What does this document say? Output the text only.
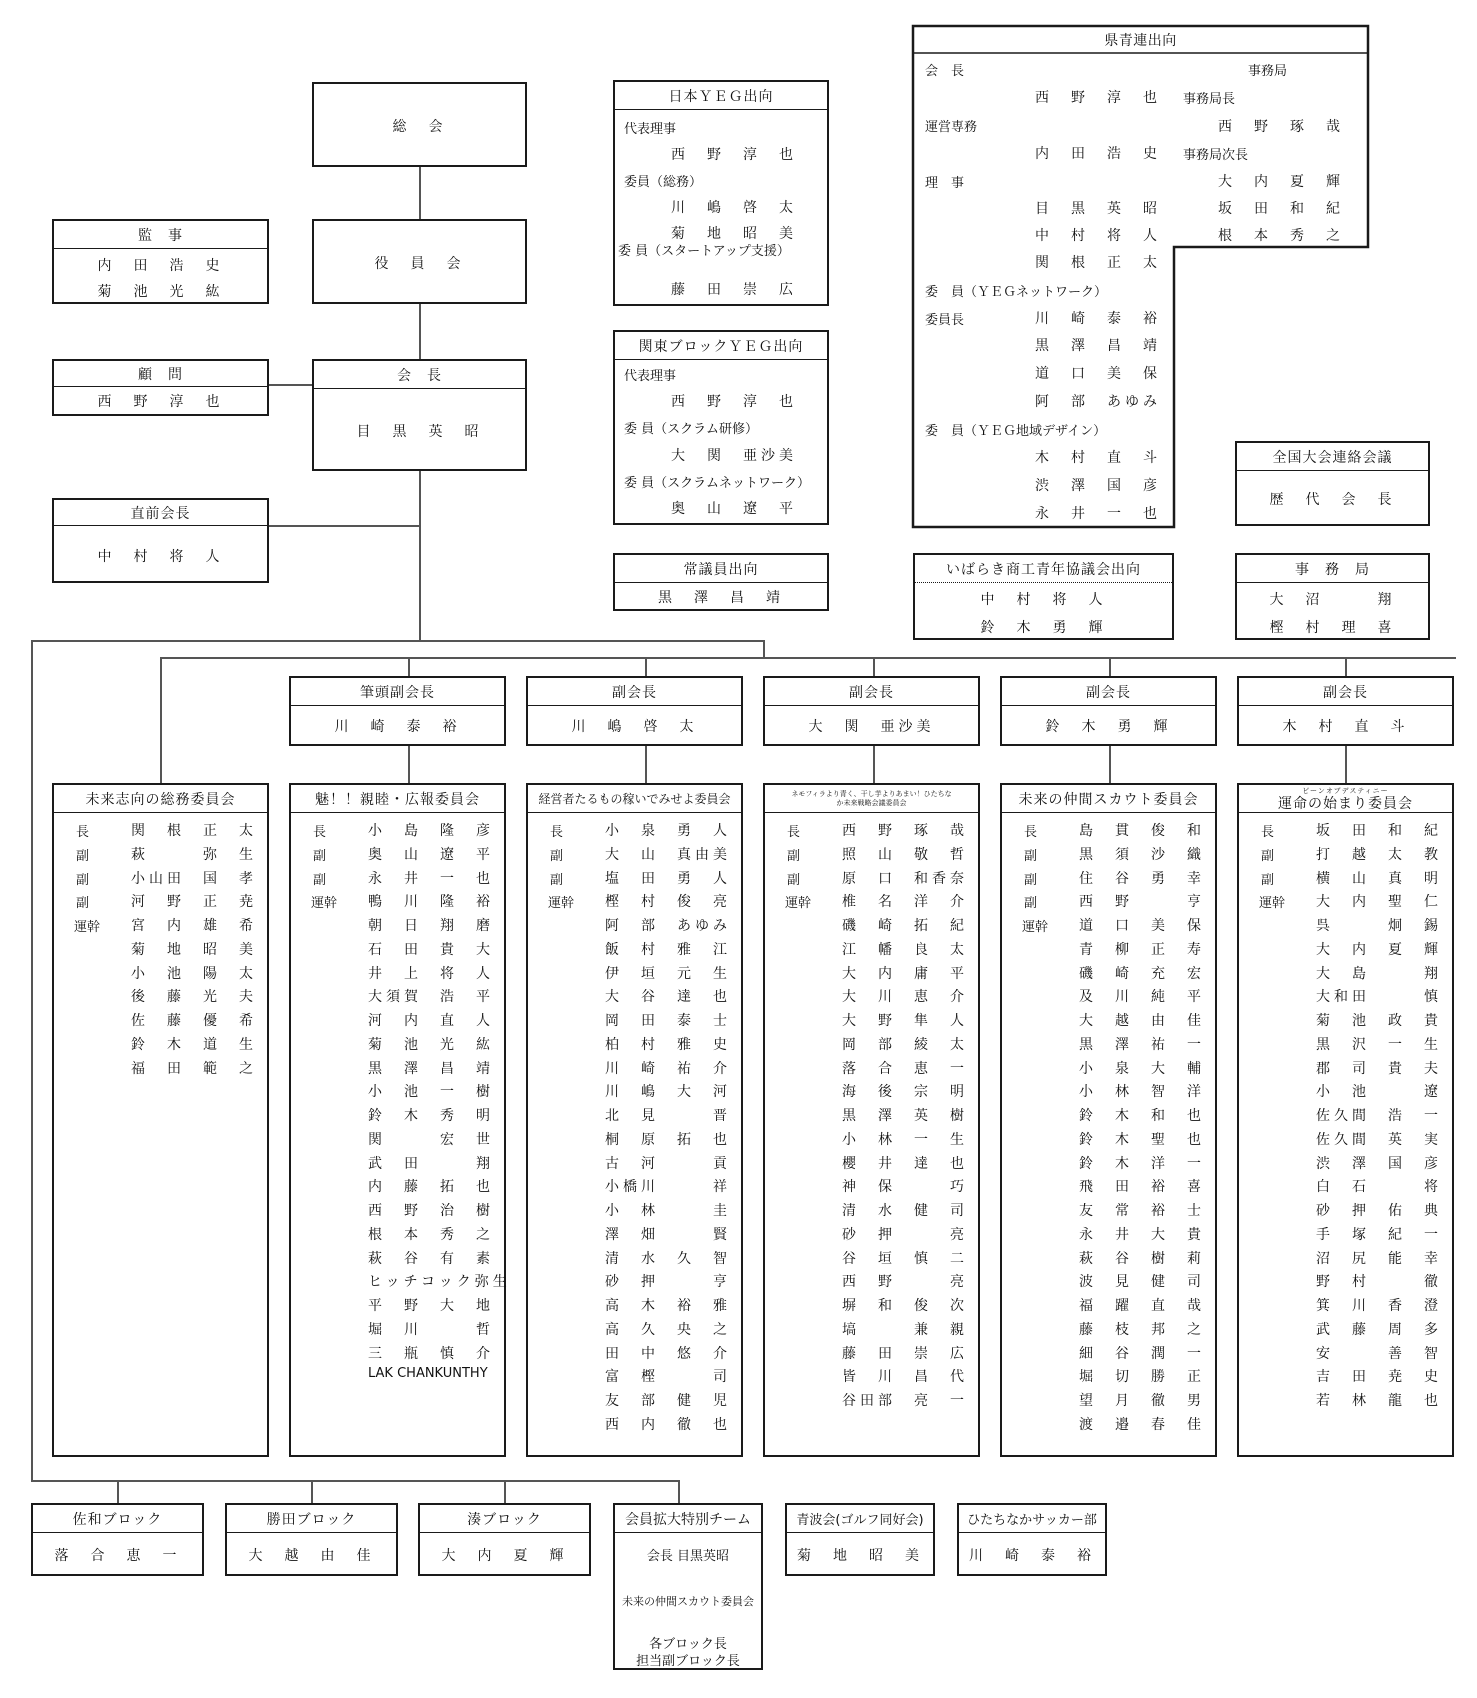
総　会
役　員　会
会　長
目　黒　英　昭
監　事
内　田　浩　史
菊　池　光　紘
顧　問
西　野　淳　也
直前会長
中　村　将　人
日本ＹＥＧ出向
代表理事
西　野　淳　也
委員（総務）
川　嶋　啓　太
菊　地　昭　美
委 員（スタートアップ支援）
藤　田　崇　広
関東ブロックＹＥＧ出向
代表理事
西　野　淳　也
委 員（スクラム研修）
大　関　亜沙美
委 員（スクラムネットワーク）
奥　山　遼　平
常議員出向
黒　澤　昌　靖
県青連出向
会　長
西　野　淳　也
運営専務
内　田　浩　史
理　事
目　黒　英　昭
中　村　将　人
関　根　正　太
委　員（ＹＥＧネットワーク）
委員長	川　崎　泰　裕
黒　澤　昌　靖
道　口　美　保
阿　部　あゆみ
委　員（ＹＥＧ地域デザイン）
木　村　直　斗
渋　澤　国　彦
永　井　一　也
事務局
事務局長
西　野　琢　哉
事務局次長
大　内　夏　輝
坂　田　和　紀
根　本　秀　之
全国大会連絡会議
歴　代　会　長
いばらき商工青年協議会出向
中　村　将　人
鈴　木　勇　輝
事　務　局
大　沼　　　翔
樫　村　理　喜
筆頭副会長
川　崎　泰　裕
副会長
川　嶋　啓　太
副会長
大　関　亜沙美
副会長
鈴　木　勇　輝
副会長
木　村　直　斗
未来志向の総務委員会
長	関　根　正　太
副	萩　　　弥　生
副	小山田　国　孝
副	河　野　正　尭
運幹 宮　内　雄　希
菊　地　昭　美
小　池　陽　太
後　藤　光　夫
佐　藤　優　希
鈴　木　道　生
福　田　範　之
魅！！親睦・広報委員会
長	小　島　隆　彦
副	奥　山　遼　平
副	永　井　一　也
運幹 鴨　川　隆　裕
朝　日　翔　磨
石　田　貴　大
井　上　将　人
大須賀　浩　平
河　内　直　人
菊　池　光　紘
黒　澤　昌　靖
小　池　一　樹
鈴　木　秀　明
関　　　宏　世
武　田　　　翔
内　藤　拓　也
西　野　治　樹
根　本　秀　之
萩　谷　有　素
ヒッチコック弥生
平　野　大　地
堀　川　　　哲
三　瓶　慎　介
LAK CHANKUNTHY
経営者たるもの稼いでみせよ委員会
長	小　泉　勇　人
副	大　山　真由美
副	塩　田　勇　人
運幹 樫　村　俊　亮
阿　部　あゆみ
飯　村　雅　江
伊　垣　元　生
大　谷　達　也
岡　田　泰　士
柏　村　雅　史
川　崎　祐　介
川　嶋　大　河
北　見　　　晋
桐　原　拓　也
古　河　　　貢
小橋川　　　祥
小　林　　　圭
澤　畑　　　賢
清　水　久　智
砂　押　　　亨
高　木　裕　雅
高　久　央　之
田　中　悠　介
富　樫　　　司
友　部　健　児
西　内　徹　也
ネモフィラより青く、干し芋よりあまい！ひたちなか未来戦略会議委員会
長	西　野　琢　哉
副	照　山　敬　哲
副	原　口　和香奈
運幹 椎　名　洋　介
磯　崎　拓　紀
江　幡　良　太
大　内　庸　平
大　川　恵　介
大　野　隼　人
岡　部　綾　太
落　合　恵　一
海　後　宗　明
黒　澤　英　樹
小　林　一　生
櫻　井　達　也
神　保　　　巧
清　水　健　司
砂　押　　　亮
谷　垣　慎　二
西　野　　　亮
塀　和　俊　次
塙　　　兼　親
藤　田　崇　広
皆　川　昌　代
谷田部　亮　一
未来の仲間スカウト委員会
長	島　貫　俊　和
副	黒　須　沙　織
副	住　谷　勇　幸
副	西　野　　　亨
運幹 道　口　美　保
青　柳　正　寿
磯　崎　充　宏
及　川　純　平
大　越　由　佳
黒　澤　祐　一
小　泉　大　輔
小　林　智　洋
鈴　木　和　也
鈴　木　聖　也
鈴　木　洋　一
飛　田　裕　喜
友　常　裕　士
永　井　大　貴
萩　谷　樹　莉
波　見　健　司
福　躍　直　哉
藤　枝　邦　之
細　谷　潤　一
堀　切　勝　正
望　月　徹　男
渡　邉　春　佳
ビーンオブデスティニー
運命の始まり委員会
長	坂　田　和　紀
副	打　越　太　教
副	横　山　真　明
運幹 大　内　聖　仁
呉　　　炯　錫
大　内　夏　輝
大　島　　　翔
大和田　　　慎
菊　池　政　貴
黒　沢　一　生
郡　司　貴　夫
小　池　　　遼
佐久間　浩　一
佐久間　英　実
渋　澤　国　彦
白　石　　　将
砂　押　佑　典
手　塚　紀　一
沼　尻　能　幸
野　村　　　徹
箕　川　香　澄
武　藤　周　多
安　　　善　智
吉　田　尭　史
若　林　龍　也
佐和ブロック
落　合　恵　一
勝田ブロック
大　越　由　佳
湊ブロック
大　内　夏　輝
会員拡大特別チーム
会長 目黒英昭
未来の仲間スカウト委員会
各ブロック長
担当副ブロック長
青波会(ゴルフ同好会)
菊　地　昭　美
ひたちなかサッカー部
川　崎　泰　裕
